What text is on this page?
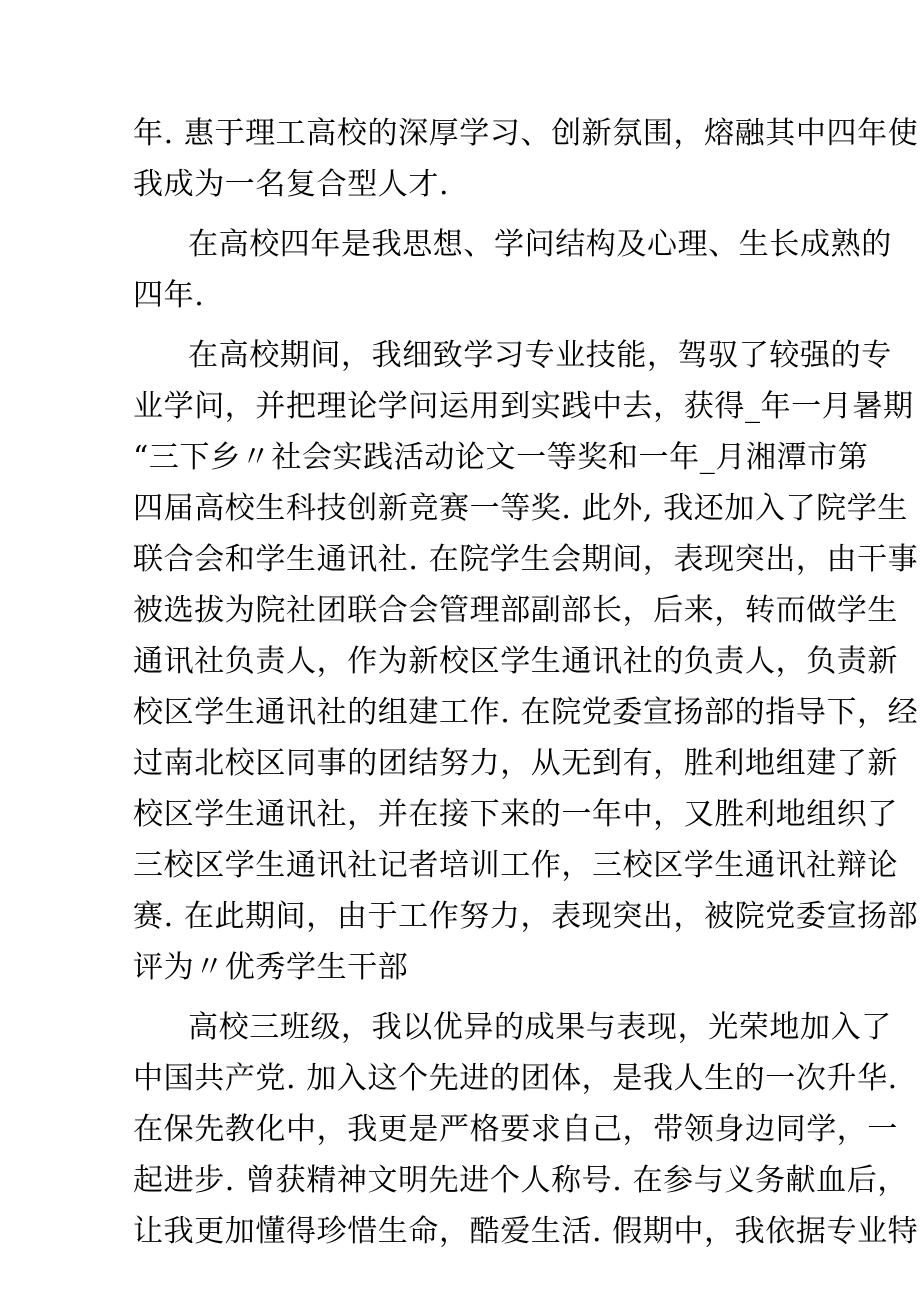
年. 惠于理工高校的深厚学习、创新氛围，熔融其中四年使
我成为一名复合型人才.
在高校四年是我思想、学问结构及心理、生长成熟的
四年.
在高校期间，我细致学习专业技能，驾驭了较强的专
业学问，并把理论学问运用到实践中去，获得_年一月暑期
“三下乡〃社会实践活动论文一等奖和一年_月湘潭市第
四届高校生科技创新竞赛一等奖. 此外, 我还加入了院学生
联合会和学生通讯社. 在院学生会期间，表现突出，由干事
被选拔为院社团联合会管理部副部长，后来，转而做学生
通讯社负责人，作为新校区学生通讯社的负责人，负责新
校区学生通讯社的组建工作. 在院党委宣扬部的指导下，经
过南北校区同事的团结努力，从无到有，胜利地组建了新
校区学生通讯社，并在接下来的一年中，又胜利地组织了
三校区学生通讯社记者培训工作，三校区学生通讯社辩论
赛. 在此期间，由于工作努力，表现突出，被院党委宣扬部
评为〃优秀学生干部
高校三班级，我以优异的成果与表现，光荣地加入了
中国共产党. 加入这个先进的团体，是我人生的一次升华.
在保先教化中，我更是严格要求自己，带领身边同学，一
起进步. 曾获精神文明先进个人称号. 在参与义务献血后，
让我更加懂得珍惜生命，酷爱生活. 假期中，我依据专业特
